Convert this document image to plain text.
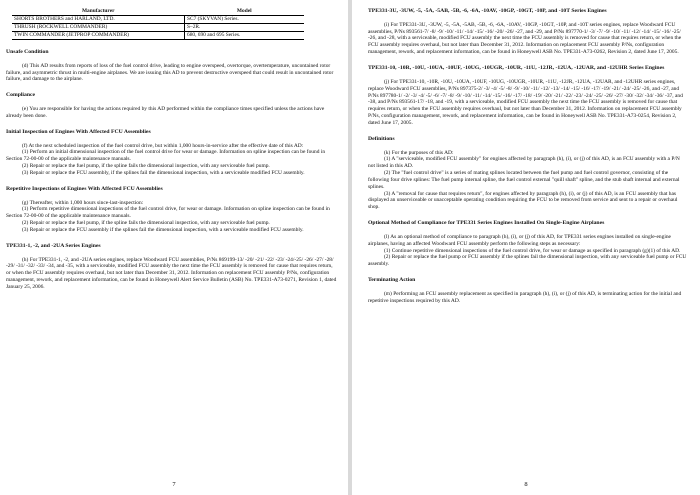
Manufacturer	Model
SHORTS BROTHERS and HARLAND, LTD.	SC7 (SKYVAN) Series.
THRUSH (ROCKWELL COMMANDER)	S–2R.
TWIN COMMANDER (JETPROP COMMANDER)	680, 690 and 695 Series.
Unsafe Condition

(d) This AD results from reports of loss of the fuel control drive, leading to engine overspeed, overtorque, overtemperature, uncontained rotor failure, and asymmetric thrust in multi-engine airplanes. We are issuing this AD to prevent destructive overspeed that could result in uncontained rotor failure, and damage to the airplane.

Compliance

(e) You are responsible for having the actions required by this AD performed within the compliance times specified unless the actions have already been done.

Initial Inspection of Engines With Affected FCU Assemblies

(f) At the next scheduled inspection of the fuel control drive, but within 1,000 hours-in-service after the effective date of this AD:

(1) Perform an initial dimensional inspection of the fuel control drive for wear or damage. Information on spline inspection can be found in Section 72-00-00 of the applicable maintenance manuals.

(2) Repair or replace the fuel pump, if the spline fails the dimensional inspection, with any serviceable fuel pump.

(3) Repair or replace the FCU assembly, if the splines fail the dimensional inspection, with a serviceable modified FCU assembly.

Repetitive Inspections of Engines With Affected FCU Assemblies

(g) Thereafter, within 1,000 hours since-last-inspection:

(1) Perform repetitive dimensional inspections of the fuel control drive, for wear or damage. Information on spline inspection can be found in Section 72-00-00 of the applicable maintenance manuals.

(2) Repair or replace the fuel pump, if the spline fails the dimensional inspection, with any serviceable fuel pump.

(3) Repair or replace the FCU assembly if the splines fail the dimensional inspection, with a serviceable modified FCU assembly.

TPE331-1, -2, and -2UA Series Engines

(h) For TPE331-1, -2, and -2UA series engines, replace Woodward FCU assemblies, P/Ns 869199-13/ -20/ -21/ -22/ -23/ -24/-25/ -26/ -27/ -28/ -29/ -31/ -32/ -33/ -34, and -35, with a serviceable, modified FCU assembly the next time the FCU assembly is removed for cause that requires return, or when the FCU assembly requires overhaul, but not later than December 31, 2012. Information on replacement FCU assembly P/Ns, configuration management, rework, and replacement information, can be found in Honeywell Alert Service Bulletin (ASB) No. TPE331-A73-0271, Revision 1, dated January 25, 2006.

7
TPE331-3U, -3UW, -5, -5A, -5AB, -5B, -6, -6A, -10AV, -10GP, -10GT, -10P, and -10T Series Engines

(i) For TPE331-3U, -3UW, -5, -5A, -5AB, -5B, -6, -6A, -10AV, -10GP, -10GT, -10P, and -10T series engines, replace Woodward FCU assemblies, P/Ns 893561-7/ -8/ -9/ -10/ -11/ -14/ -15/ -16/ -20/ -26/ -27, and -29, and P/Ns 897770-1/ -3/ -7/ -9/ -10/ -11/ -12/ -14/ -15/ -16/ -25/ -26, and -28, with a serviceable, modified FCU assembly the next time the FCU assembly is removed for cause that requires return, or when the FCU assembly requires overhaul, but not later than December 31, 2012. Information on replacement FCU assembly P/Ns, configuration management, rework, and replacement information, can be found in Honeywell ASB No. TPE331-A73-0262, Revision 2, dated June 17, 2005.

TPE331-10, -10R, -10U, -10UA, -10UF, -10UG, -10UGR, -10UR, -11U, -12JR, -12UA, -12UAR, and -12UHR Series Engines

(j) For TPE331-10, -10R, -10U, -10UA, -10UF, -10UG, -10UGR, -10UR, -11U, -12JR, -12UA, -12UAR, and -12UHR series engines, replace Woodward FCU assemblies, P/Ns 897375-2/ -3/ -4/ -5/ -8/ -9/ -10/ -11/ -12/ -13/ -14/ -15/ -16/ -17/ -19/ -21/ -24/ -25/ -26, and -27, and P/Ns 897780-1/ -2/ -3/ -4/ -5/ -6/ -7/ -8/ -9/ -10/ -11/ -14/ -15/ -16/ -17/ -18/ -19/ -20/ -21/ -22/ -23/ -24/ -25/ -26/ -27/ -30/ -32/ -34/ -36/ -37, and -38, and P/Ns 893561-17/ -18, and -19, with a serviceable, modified FCU assembly the next time the FCU assembly is removed for cause that requires return, or when the FCU assembly requires overhaul, but not later than December 31, 2012. Information on replacement FCU assembly P/Ns, configuration management, rework, and replacement information, can be found in Honeywell ASB No. TPE331-A73-0254, Revision 2, dated June 17, 2005.

Definitions

(k) For the purposes of this AD:

(1) A "serviceable, modified FCU assembly" for engines affected by paragraph (h), (i), or (j) of this AD, is an FCU assembly with a P/N not listed in this AD.

(2) The "fuel control drive" is a series of mating splines located between the fuel pump and fuel control governor, consisting of the following four drive splines: The fuel pump internal spline, the fuel control external "quill shaft" spline, and the stub shaft internal and external splines.

(3) A "removal for cause that requires return", for engines affected by paragraph (h), (i), or (j) of this AD, is an FCU assembly that has displayed an unserviceable or unacceptable operating condition requiring the FCU to be removed from service and sent to a repair or overhaul shop.

Optional Method of Compliance for TPE331 Series Engines Installed On Single-Engine Airplanes

(l) As an optional method of compliance to paragraph (h), (i), or (j) of this AD, for TPE331 series engines installed on single-engine airplanes, having an affected Woodward FCU assembly perform the following steps as necessary:

(1) Continue repetitive dimensional inspections of the fuel control drive, for wear or damage as specified in paragraph (g)(1) of this AD.

(2) Repair or replace the fuel pump or FCU assembly if the splines fail the dimensional inspection, with any serviceable fuel pump or FCU assembly.

Terminating Action

(m) Performing an FCU assembly replacement as specified in paragraph (h), (i), or (j) of this AD, is terminating action for the initial and repetitive inspections required by this AD.

8
